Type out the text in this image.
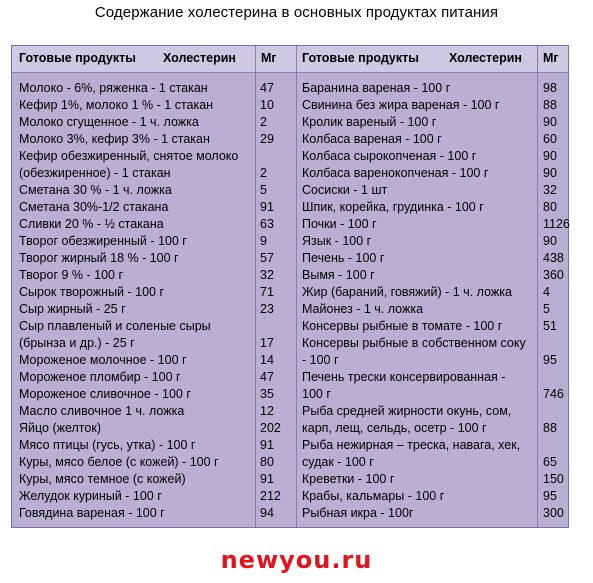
Содержание холестерина в основных продуктах питания
Готовые продукты Холестерин Мг Готовые продукты Холестерин Мг
Молоко - 6%, ряженка - 1 стакан
Кефир 1%, молоко 1 % - 1 стакан
Молоко сгущенное - 1 ч. ложка
Молоко 3%, кефир 3% - 1 стакан
Кефир обезжиренный, снятое молоко
(обезжиренное) - 1 стакан
Сметана 30 % - 1 ч. ложка
Сметана 30%-1/2 стакана
Сливки 20 % - ½ стакана
Творог обезжиренный - 100 г
Творог жирный 18 % - 100 г
Творог 9 % - 100 г
Сырок творожный - 100 г
Сыр жирный - 25 г
Сыр плавленый и соленые сыры
(брынза и др.) - 25 г
Мороженое молочное - 100 г
Мороженое пломбир - 100 г
Мороженое сливочное - 100 г
Масло сливочное 1 ч. ложка
Яйцо (желток)
Мясо птицы (гусь, утка) - 100 г
Куры, мясо белое (с кожей) - 100 г
Куры, мясо темное (с кожей)
Желудок куриный - 100 г
Говядина вареная - 100 г
47
10
2
29
2
5
91
63
9
57
32
71
23
17
14
47
35
12
202
91
80
91
212
94
Баранина вареная - 100 г
Свинина без жира вареная - 100 г
Кролик вареный - 100 г
Колбаса вареная - 100 г
Колбаса сырокопченая - 100 г
Колбаса варенокопченая - 100 г
Сосиски - 1 шт
Шпик, корейка, грудинка - 100 г
Почки - 100 г
Язык - 100 г
Печень - 100 г
Вымя - 100 г
Жир (бараний, говяжий) - 1 ч. ложка
Майонез - 1 ч. ложка
Консервы рыбные в томате - 100 г
Консервы рыбные в собственном соку
- 100 г
Печень трески консервированная -
100 г
Рыба средней жирности окунь, сом,
карп, лещ, сельдь, осетр - 100 г
Рыба нежирная – треска, навага, хек,
судак - 100 г
Креветки - 100 г
Крабы, кальмары - 100 г
Рыбная икра - 100г
98
88
90
60
90
90
32
80
1126
90
438
360
4
5
51
95
746
88
65
150
95
300
newyou.ru
